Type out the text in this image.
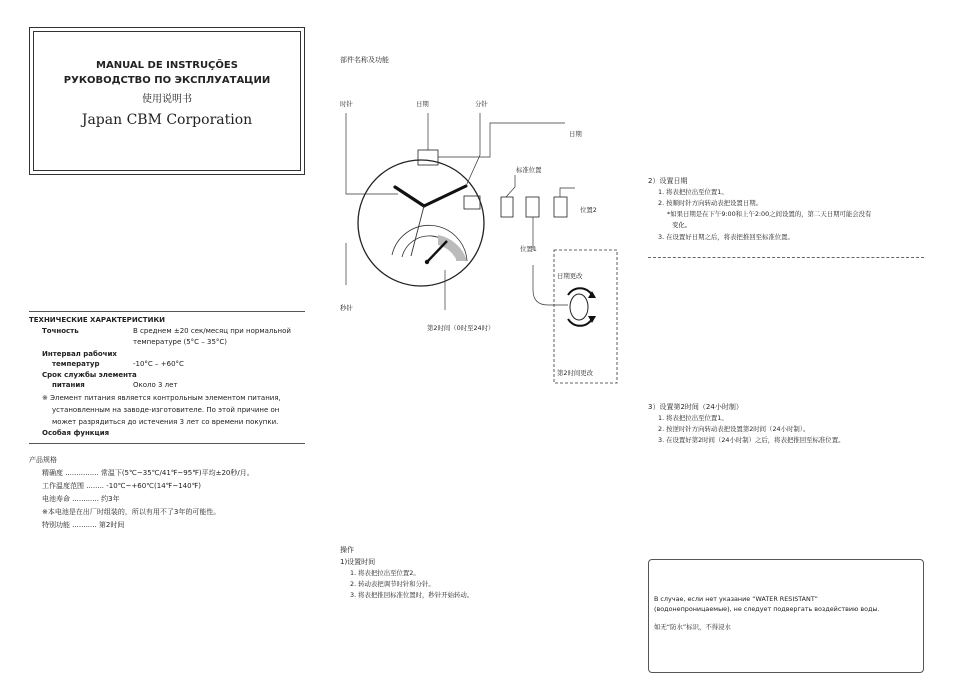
MANUAL DE INSTRUÇÕES
РУКОВОДСТВО ПО ЭКСПЛУАТАЦИИ
使用说明书
Japan CBM Corporation
ТЕХНИЧЕСКИЕ ХАРАКТЕРИСТИКИ
Точность	В среднем ±20 сек/месяц при нормальной
температуре (5°C – 35°C)
Интервал рабочих
температур	-10°C – +60°C
Срок службы элемента
питания	Около 3 лет
※ Элемент питания является контрольным элементом питания,
установленным на заводе-изготовителе. По этой причине он
может разрядиться до истечения 3 лет со времени покупки.
Особая функция
产品规格
精确度 ............... 常温下(5℃~35℃/41℉~95℉)平均±20秒/月。
工作温度范围 ........ -10℃~+60℃(14℉~140℉)
电池寿命 ............ 约3年
※本电池是在出厂时组装的，所以有用不了3年的可能性。
特别功能 ........... 第2时间
部件名称及功能
时针	日期	分针
日期
标准位置
位置2
位置1
秒针
第2时间（0时至24时）
日期更改
第2时间更改
操作
1)设置时间
1. 将表把拉出至位置2。
2. 转动表把调节时针和分针。
3. 将表把推回标准位置时，秒针开始转动。
2）设置日期
1. 将表把拉出至位置1。
2. 按顺时针方向转动表把设置日期。
*如果日期是在下午9:00和上午2:00之间设置的，第二天日期可能会没有
变化。
3. 在设置好日期之后，将表把推回至标准位置。
3）设置第2时间（24小时制）
1. 将表把拉出至位置1。
2. 按逆时针方向转动表把设置第2时间（24小时制）。
3. 在设置好第2时间（24小时制）之后，将表把推回至标准位置。
В случае, если нет указание “WATER RESISTANT”
(водонепроницаемые), не следует подвергать воздействию воды.
如无“防水”标识，不得浸水
